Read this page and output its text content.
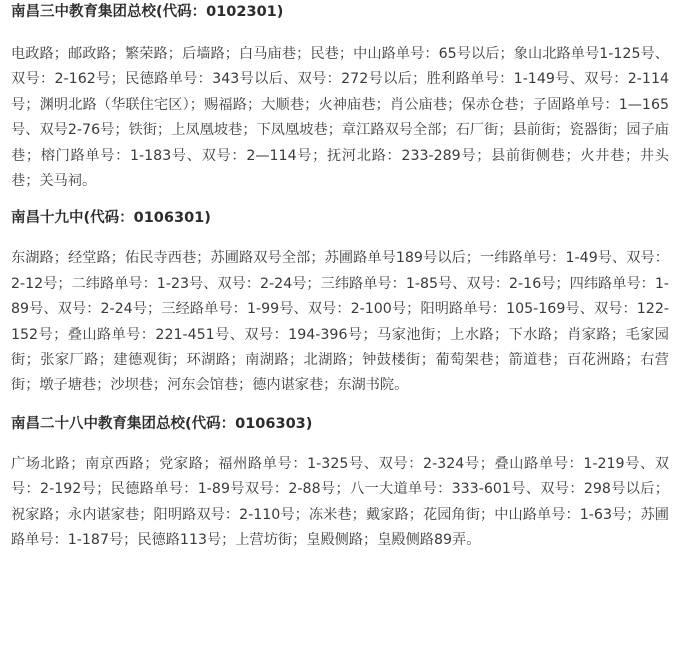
南昌三中教育集团总校(代码：0102301)

电政路；邮政路；繁荣路；后墙路；白马庙巷；民巷；中山路单号：65号以后；象山北路单号1-125号、双号：2-162号；民德路单号：343号以后、双号：272号以后；胜利路单号：1-149号、双号：2-114号；渊明北路（华联住宅区）；赐福路；大顺巷；火神庙巷；肖公庙巷；保赤仓巷；子固路单号：1—165号、双号2-76号；铁街；上凤凰坡巷；下凤凰坡巷；章江路双号全部；石厂街；县前街；瓷器街；园子庙巷；榕门路单号：1-183号、双号：2—114号；抚河北路：233-289号；县前街侧巷；火井巷；井头巷；关马祠。

南昌十九中(代码：0106301)

东湖路；经堂路；佑民寺西巷；苏圃路双号全部；苏圃路单号189号以后；一纬路单号：1-49号、双号：2-12号；二纬路单号：1-23号、双号：2-24号；三纬路单号：1-85号、双号：2-16号；四纬路单号：1-89号、双号：2-24号；三经路单号：1-99号、双号：2-100号；阳明路单号：105-169号、双号：122-152号；叠山路单号：221-451号、双号：194-396号；马家池街；上水路；下水路；肖家路；毛家园街；张家厂路；建德观街；环湖路；南湖路；北湖路；钟鼓楼街；葡萄架巷；箭道巷；百花洲路；右营街；墩子塘巷；沙坝巷；河东会馆巷；德内谌家巷；东湖书院。

南昌二十八中教育集团总校(代码：0106303)

广场北路；南京西路；党家路；福州路单号：1-325号、双号：2-324号；叠山路单号：1-219号、双号：2-192号；民德路单号：1-89号双号：2-88号；八一大道单号：333-601号、双号：298号以后；祝家路；永内谌家巷；阳明路双号：2-110号；冻米巷；戴家路；花园角街；中山路单号：1-63号；苏圃路单号：1-187号；民德路113号；上营坊街；皇殿侧路；皇殿侧路89弄。
